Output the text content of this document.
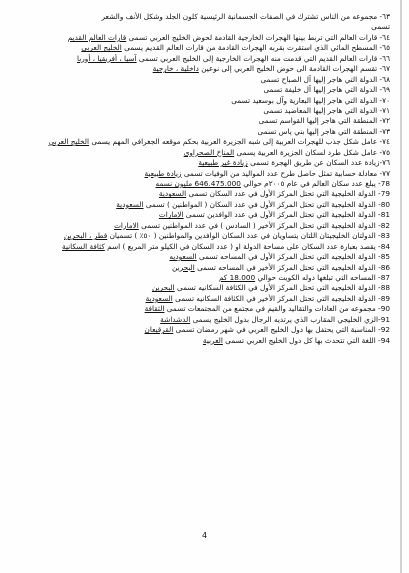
٦٣- مجموعه من الناس تشترك في الصفات الجسمانية الرئيسية كلون الجلد وشكل الأنف والشعر
تسمى
٦٤- قارات العالم التي تربط بينها الهجرات الخارجية القادمة لحوض الخليج العربي تسمى قارات العالم القديم
٦٥- المسطح المائي الذي استقرت بقربه الهجرات القادمة من قارات العالم القديم يسمى الخليج العربي
٦٦- قارات العالم القديم التي قدمت منه الهجرات الخارجية إلى الخليج العربي تسمى آسيا ، أفريقيا ، أوربا
٦٧- تقسم الهجرات القادمة الى حوض الخليج العربي إلى نوعين داخلية ، خارجية
٦٨- الدولة التي هاجر إليها آل الصباح تسمى
٦٩- الدولة التي هاجر إليها آل خليفة تسمى
٧٠- الدولة التي هاجر إليها البعارية وآل بوسعيد تسمى
٧١- الدولة التي هاجر إليها المعاضيد تسمى
٧٢- المنطقة التي هاجر إليها القواسم تسمى
٧٣- المنطقة التي هاجر إليها بني ياس تسمى
٧٤- عامل شكل جذب للهجرات العربية إلى شبه الجزيرة العربية بحكم موقعه الجغرافي المهم يسمى الخليج العربي
٧٥- عامل شكل طرد لسكان الجزيرة العربية يسمى المناخ الصحراوي
٧٦-زيادة عدد السكان عن طريق الهجرة تسمى زيادة غير طبيعية
٧٧- معادلة حسابية تمثل حاصل طرح عدد المواليد من الوفيات تسمى زيادة طبيعية
78- يبلغ عدد سكان العالم في عام ٢٠٠٥م حوالي 646.475.000 مليون نسمه
79- الدولة الخليجية التي تحتل المركز الأول في عدد السكان تسمى السعودية
80- الدولة الخليجية التي تحتل المركز الأول في عدد السكان ( المواطنين ) تسمى السعودية
81- الدولة الخليجية التي تحتل المركز الأول في عدد الوافدين تسمى الإمارات
82- الدولة الخليجية التي تحتل المركز الأخير ( السادس ) في عدد المواطنين تسمى الامارات
83- الدولتان الخليجيتان اللتان يتساويان في عدد السكان الوافدين والمواطنين ( ٥٠٪ ) تسميان قطر ، البحرين
84- يقصد بعبارة عدد السكان على مساحة الدولة او ( عدد السكان في الكيلو متر المربع ) اسم كثافة السكانية
85- الدولة الخليجيه التي تحتل المركز الأول في المساحه تسمى السعوديه
86- الدولة الخليجيه التي تحتل المركز الأخير في المساحه تسمى البحرين
87- المساحه التي تبلغها دوله الكويت حوالي 18.000 كم
88- الدولة الخليجيه التي تحتل المركز الأول في الكثافة السكانيه تسمى البحرين
89- الدولة الخليجيه التي تحتل المركز الأخير في الكثافة السكانيه تسمى السعودية
90- مجموعه من العادات والتقاليد والقيم في مجتمع من المجتمعات تسمى الثقافة
91-الزي الخليجي المقارب الذي يرتديه الرجال بدول الخليج يسمى الدشداشة
92- المناسبة التي يحتفل بها دول الخليج العربي في شهر رمضان تسمى القرقيعان
94- اللغة التي تتحدث بها كل دول الخليج العربي تسمى العربية
4
